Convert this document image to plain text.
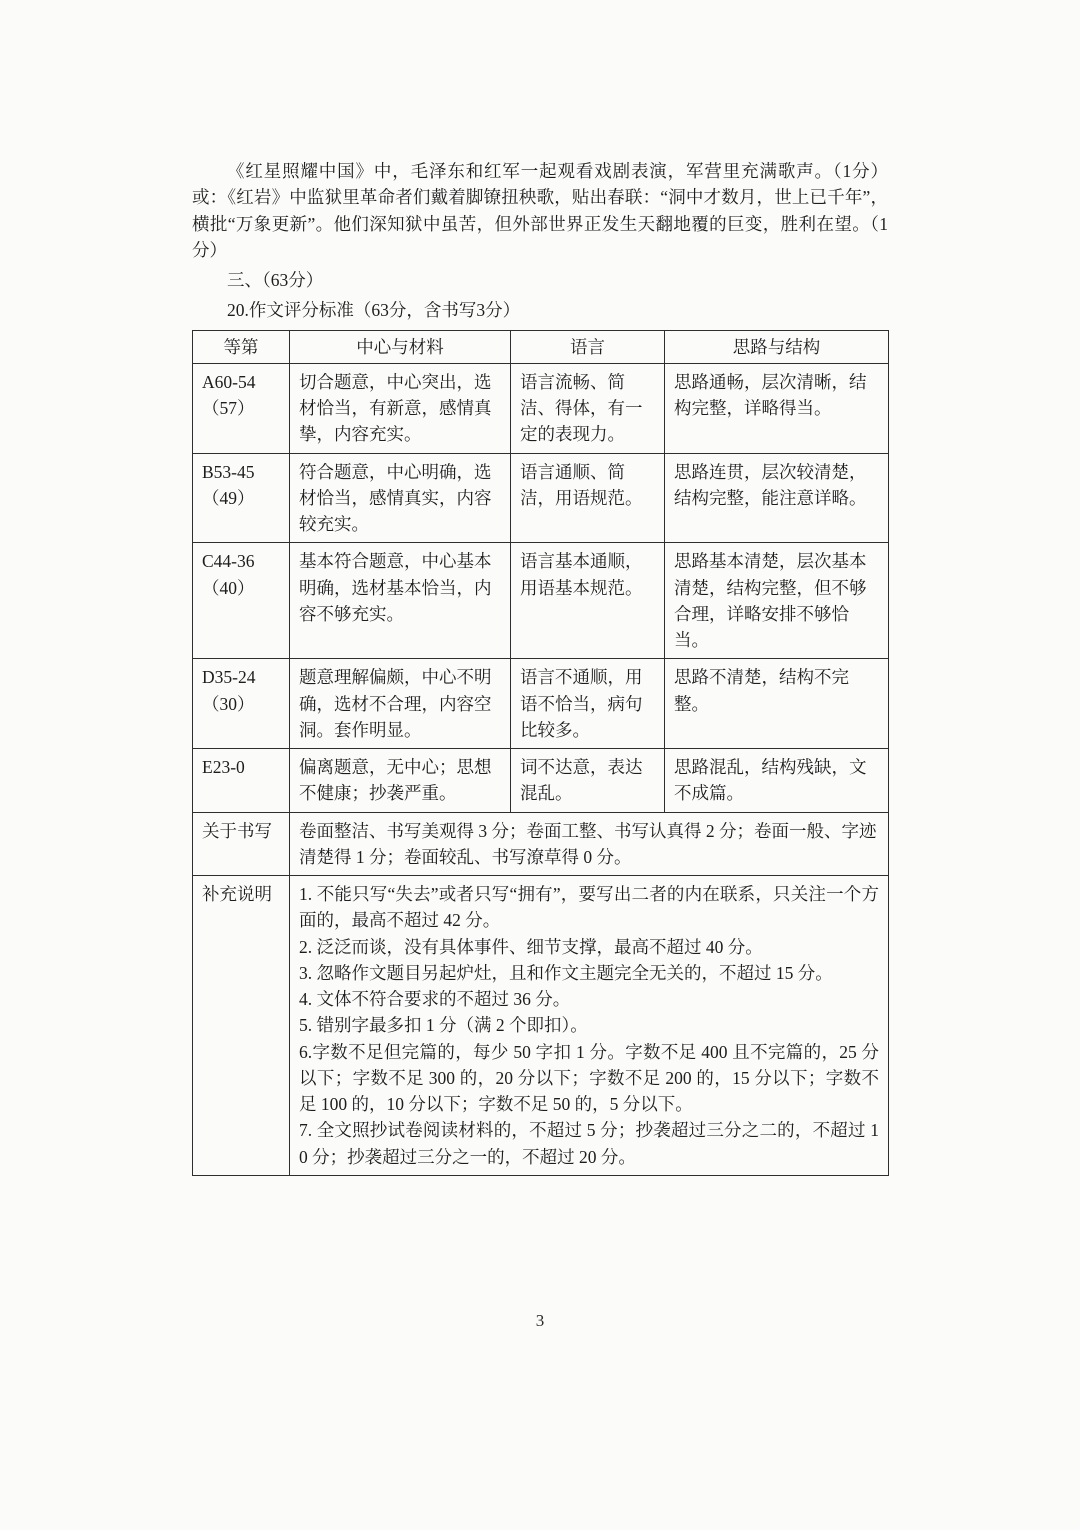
《红星照耀中国》中，毛泽东和红军一起观看戏剧表演，军营里充满歌声。（1分）或：《红岩》中监狱里革命者们戴着脚镣扭秧歌，贴出春联：“洞中才数月，世上已千年”，横批“万象更新”。他们深知狱中虽苦，但外部世界正发生天翻地覆的巨变，胜利在望。（1分）

三、（63分）

20.作文评分标准（63分，含书写3分）

等第	中心与材料	语言	思路与结构

A60-54
（57）	切合题意，中心突出，选材恰当，有新意，感情真挚，内容充实。	语言流畅、简洁、得体，有一定的表现力。	思路通畅，层次清晰，结构完整，详略得当。

B53-45
（49）	符合题意，中心明确，选材恰当，感情真实，内容较充实。	语言通顺、简洁，用语规范。	思路连贯，层次较清楚，结构完整，能注意详略。

C44-36
（40）	基本符合题意，中心基本明确，选材基本恰当，内容不够充实。	语言基本通顺，用语基本规范。	思路基本清楚，层次基本清楚，结构完整，但不够合理，详略安排不够恰当。

D35-24
（30）	题意理解偏颇，中心不明确，选材不合理，内容空洞。套作明显。	语言不通顺，用语不恰当，病句比较多。	思路不清楚，结构不完整。

E23-0	偏离题意，无中心；思想不健康；抄袭严重。	词不达意，表达混乱。	思路混乱，结构残缺，文不成篇。
关于书写	卷面整洁、书写美观得 3 分；卷面工整、书写认真得 2 分；卷面一般、字迹清楚得 1 分；卷面较乱、书写潦草得 0 分。		
补充说明	1. 不能只写“失去”或者只写“拥有”，要写出二者的内在联系，只关注一个方面的，最高不超过 42 分。
2. 泛泛而谈，没有具体事件、细节支撑，最高不超过 40 分。
3. 忽略作文题目另起炉灶，且和作文主题完全无关的，不超过 15 分。
4. 文体不符合要求的不超过 36 分。
5. 错别字最多扣 1 分（满 2 个即扣）。
6.字数不足但完篇的，每少 50 字扣 1 分。字数不足 400 且不完篇的，25 分以下；字数不足 300 的，20 分以下；字数不足 200 的，15 分以下；字数不足 100 的，10 分以下；字数不足 50 的，5 分以下。
7. 全文照抄试卷阅读材料的，不超过 5 分；抄袭超过三分之二的，不超过 10 分；抄袭超过三分之一的，不超过 20 分。
3
